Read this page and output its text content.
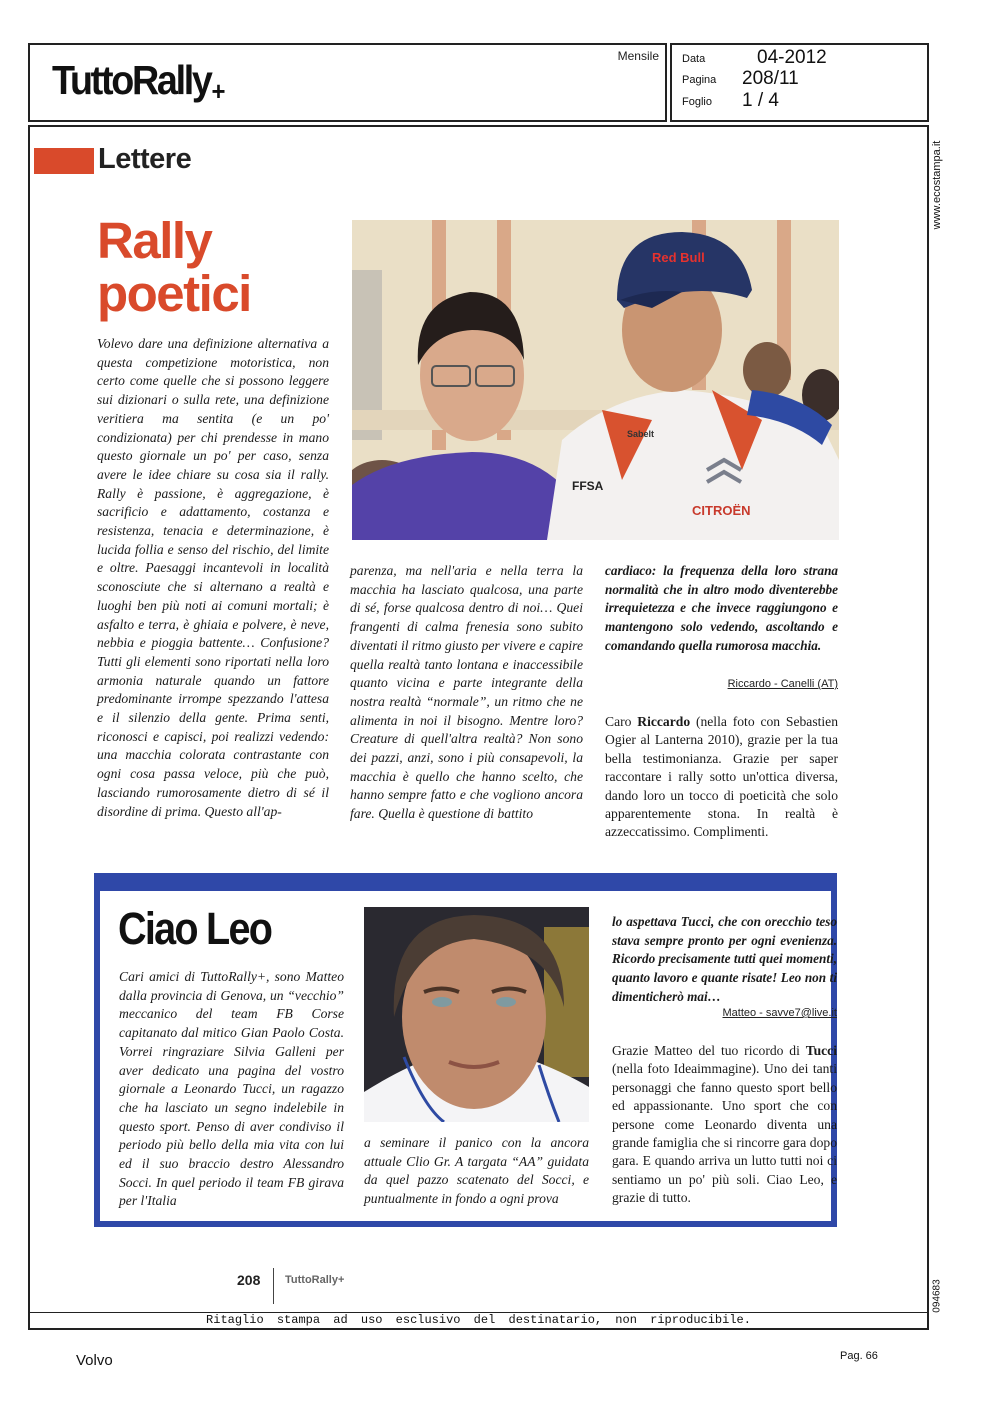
TuttoRally+
Mensile Data	04-2012
Pagina	208/11
Foglio	1 / 4
www.ecostampa.it
094683
Lettere
Rally
poetici
Red Bull
CITROËN
Sabelt
FFSA

Volevo dare una definizione alternativa a questa competizione motoristica, non certo come quelle che si possono leggere sui dizionari o sulla rete, una definizione veritiera ma sentita (e un po' condizionata) per chi prendesse in mano questo giornale un po' per caso, senza avere le idee chiare su cosa sia il rally. Rally è passione, è aggregazione, è sacrificio e adattamento, costanza e resistenza, tenacia e determinazione, è lucida follia e senso del rischio, del limite e oltre. Paesaggi incantevoli in località sconosciute che si alternano a realtà e luoghi ben più noti ai comuni mortali; è asfalto e terra, è ghiaia e polvere, è neve, nebbia e pioggia battente… Confusione? Tutti gli elementi sono riportati nella loro armonia naturale quando un fattore predominante irrompe spezzando l'attesa e il silenzio della gente. Prima senti, riconosci e capisci, poi realizzi vedendo: una macchia colorata contrastante con ogni cosa passa veloce, più che può, lasciando rumorosamente dietro di sé il disordine di prima. Questo all'ap-

parenza, ma nell'aria e nella terra la macchia ha lasciato qualcosa, una parte di sé, forse qualcosa dentro di noi… Quei frangenti di calma frenesia sono subito diventati il ritmo giusto per vivere e capire quella realtà tanto lontana e inaccessibile quanto vicina e parte integrante della nostra realtà “normale”, un ritmo che ne alimenta in noi il bisogno. Mentre loro? Creature di quell'altra realtà? Non sono dei pazzi, anzi, sono i più consapevoli, la macchia è quello che hanno scelto, che hanno sempre fatto e che vogliono ancora fare. Quella è questione di battito

cardiaco: la frequenza della loro strana normalità che in altro modo diventerebbe irrequietezza e che invece raggiungono e mantengono solo vedendo, ascoltando e comandando quella rumorosa macchia.

Riccardo - Canelli (AT)
Caro Riccardo (nella foto con Sebastien Ogier al Lanterna 2010), grazie per la tua bella testimonianza. Grazie per saper raccontare i rally sotto un'ottica diversa, dando loro un tocco di poeticità che solo apparentemente stona. In realtà è azzeccatissimo. Complimenti.
Ciao Leo

Cari amici di TuttoRally+, sono Matteo dalla provincia di Genova, un “vecchio” meccanico del team FB Corse capitanato dal mitico Gian Paolo Costa. Vorrei ringraziare Silvia Galleni per aver dedicato una pagina del vostro giornale a Leonardo Tucci, un ragazzo che ha lasciato un segno indelebile in questo sport. Penso di aver condiviso il periodo più bello della mia vita con lui ed il suo braccio destro Alessandro Socci. In quel periodo il team FB girava per l'Italia

a seminare il panico con la ancora attuale Clio Gr. A targata “AA” guidata da quel pazzo scatenato del Socci, e puntualmente in fondo a ogni prova

lo aspettava Tucci, che con orecchio teso stava sempre pronto per ogni evenienza. Ricordo precisamente tutti quei momenti, quanto lavoro e quante risate! Leo non ti dimenticherò mai…

Matteo - savve7@live.it
Grazie Matteo del tuo ricordo di Tucci (nella foto Ideaimmagine). Uno dei tanti personaggi che fanno questo sport bello ed appassionante. Uno sport che con persone come Leonardo diventa una grande famiglia che si rincorre gara dopo gara. E quando arriva un lutto tutti noi ci sentiamo un po' più soli. Ciao Leo, e grazie di tutto.
208 TuttoRally+
Ritaglio stampa ad uso esclusivo del destinatario, non riproducibile.
Volvo	Pag. 66
